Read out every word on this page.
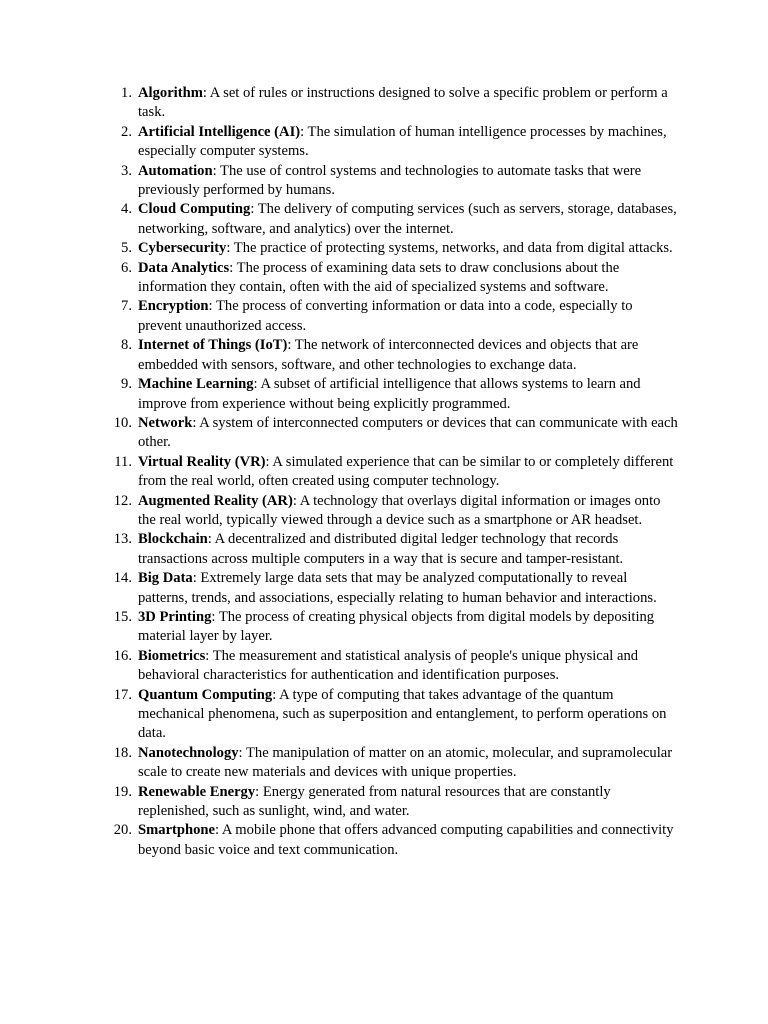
1. Algorithm: A set of rules or instructions designed to solve a specific problem or perform a task.
2. Artificial Intelligence (AI): The simulation of human intelligence processes by machines, especially computer systems.
3. Automation: The use of control systems and technologies to automate tasks that were previously performed by humans.
4. Cloud Computing: The delivery of computing services (such as servers, storage, databases, networking, software, and analytics) over the internet.
5. Cybersecurity: The practice of protecting systems, networks, and data from digital attacks.
6. Data Analytics: The process of examining data sets to draw conclusions about the information they contain, often with the aid of specialized systems and software.
7. Encryption: The process of converting information or data into a code, especially to prevent unauthorized access.
8. Internet of Things (IoT): The network of interconnected devices and objects that are embedded with sensors, software, and other technologies to exchange data.
9. Machine Learning: A subset of artificial intelligence that allows systems to learn and improve from experience without being explicitly programmed.
10. Network: A system of interconnected computers or devices that can communicate with each other.
11. Virtual Reality (VR): A simulated experience that can be similar to or completely different from the real world, often created using computer technology.
12. Augmented Reality (AR): A technology that overlays digital information or images onto the real world, typically viewed through a device such as a smartphone or AR headset.
13. Blockchain: A decentralized and distributed digital ledger technology that records transactions across multiple computers in a way that is secure and tamper-resistant.
14. Big Data: Extremely large data sets that may be analyzed computationally to reveal patterns, trends, and associations, especially relating to human behavior and interactions.
15. 3D Printing: The process of creating physical objects from digital models by depositing material layer by layer.
16. Biometrics: The measurement and statistical analysis of people's unique physical and behavioral characteristics for authentication and identification purposes.
17. Quantum Computing: A type of computing that takes advantage of the quantum mechanical phenomena, such as superposition and entanglement, to perform operations on data.
18. Nanotechnology: The manipulation of matter on an atomic, molecular, and supramolecular scale to create new materials and devices with unique properties.
19. Renewable Energy: Energy generated from natural resources that are constantly replenished, such as sunlight, wind, and water.
20. Smartphone: A mobile phone that offers advanced computing capabilities and connectivity beyond basic voice and text communication.
